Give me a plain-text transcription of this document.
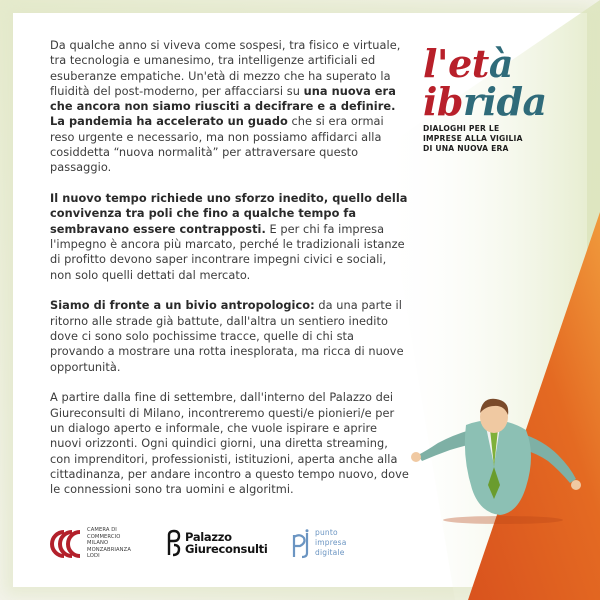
Da qualche anno si viveva come sospesi, tra fisico e virtuale, tra tecnologia e umanesimo, tra intelligenze artificiali ed esuberanze empatiche. Un'età di mezzo che ha superato la fluidità del post-moderno, per affacciarsi su una nuova era che ancora non siamo riusciti a decifrare e a definire.
La pandemia ha accelerato un guado che si era ormai reso urgente e necessario, ma non possiamo affidarci alla cosiddetta “nuova normalità” per attraversare questo passaggio.

Il nuovo tempo richiede uno sforzo inedito, quello della convivenza tra poli che fino a qualche tempo fa sembravano essere contrapposti. E per chi fa impresa l'impegno è ancora più marcato, perché le tradizionali istanze di profitto devono saper incontrare impegni civici e sociali, non solo quelli dettati dal mercato.

Siamo di fronte a un bivio antropologico: da una parte il ritorno alle strade già battute, dall'altra un sentiero inedito dove ci sono solo pochissime tracce, quelle di chi sta provando a mostrare una rotta inesplorata, ma ricca di nuove opportunità.

A partire dalla fine di settembre, dall'interno del Palazzo dei Giureconsulti di Milano, incontreremo questi/e pionieri/e per un dialogo aperto e informale, che vuole ispirare e aprire nuovi orizzonti. Ogni quindici giorni, una diretta streaming, con imprenditori, professionisti, istituzioni, aperta anche alla cittadinanza, per andare incontro a questo tempo nuovo, dove le connessioni sono tra uomini e algoritmi.

l'età
ibrida
DIALOGHI PER LE
IMPRESE ALLA VIGILIA
DI UNA NUOVA ERA
CAMERA DI
COMMERCIO
MILANO
MONZABRIANZA
LODI
Palazzo
Giureconsulti
punto
impresa
digitale
